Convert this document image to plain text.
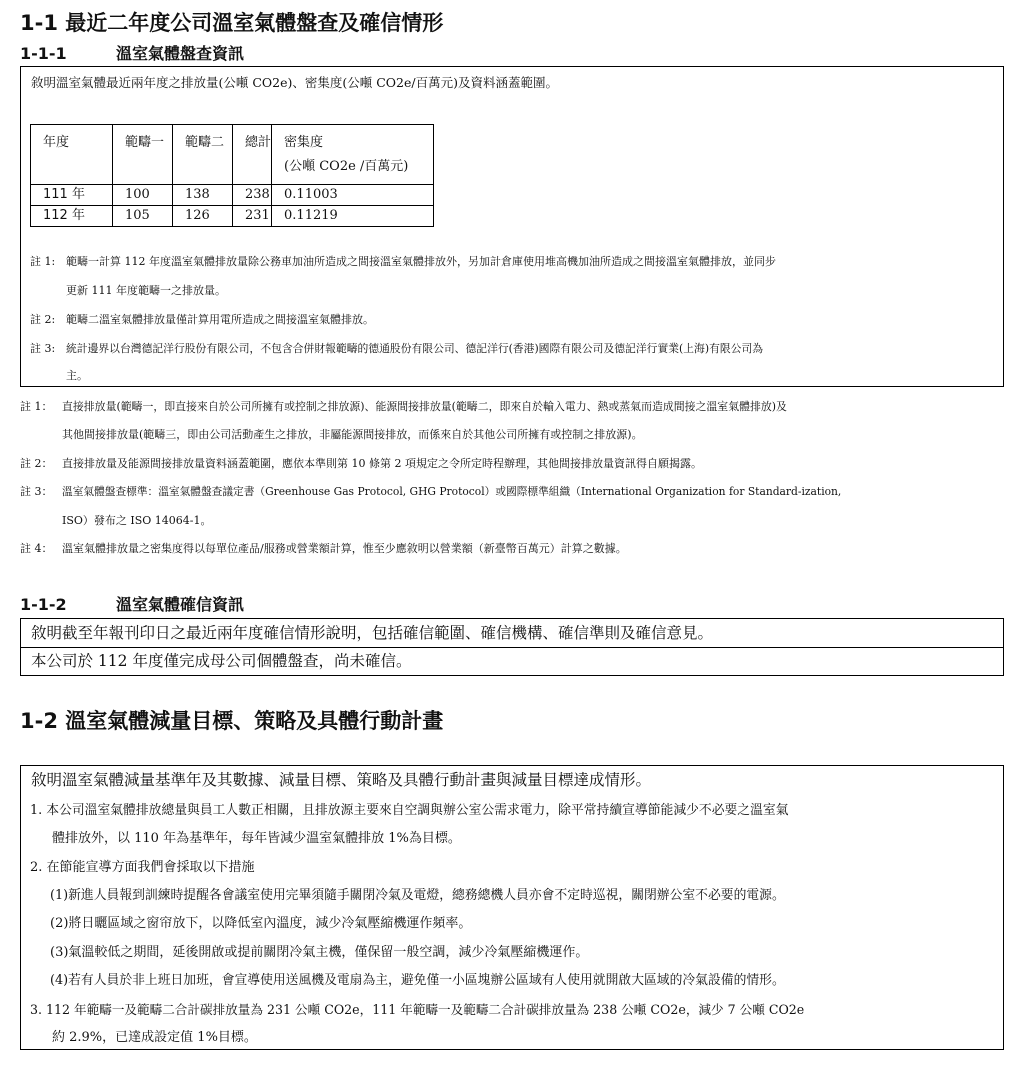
1-1 最近二年度公司溫室氣體盤查及確信情形
1-1-1	溫室氣體盤查資訊
敘明溫室氣體最近兩年度之排放量(公噸 CO2e)、密集度(公噸 CO2e/百萬元)及資料涵蓋範圍。
年度	範疇一	範疇二	總計	密集度
(公噸 CO2e /百萬元)
111 年	100	138	238	0.11003
112 年	105	126	231	0.11219
註 1: 範疇一計算 112 年度溫室氣體排放量除公務車加油所造成之間接溫室氣體排放外，另加計倉庫使用堆高機加油所造成之間接溫室氣體排放，並同步
更新 111 年度範疇一之排放量。
註 2: 範疇二溫室氣體排放量僅計算用電所造成之間接溫室氣體排放。
註 3: 統計邊界以台灣德記洋行股份有限公司，不包含合併財報範疇的德通股份有限公司、德記洋行(香港)國際有限公司及德記洋行實業(上海)有限公司為
主。
註 1： 直接排放量(範疇一，即直接來自於公司所擁有或控制之排放源)、能源間接排放量(範疇二，即來自於輸入電力、熱或蒸氣而造成間接之溫室氣體排放)及
其他間接排放量(範疇三，即由公司活動產生之排放，非屬能源間接排放，而係來自於其他公司所擁有或控制之排放源)。
註 2： 直接排放量及能源間接排放量資料涵蓋範圍，應依本準則第 10 條第 2 項規定之令所定時程辦理，其他間接排放量資訊得自願揭露。
註 3： 溫室氣體盤查標準：溫室氣體盤查議定書（Greenhouse Gas Protocol, GHG Protocol）或國際標準組織（International Organization for Standard-ization,
ISO）發布之 ISO 14064-1。
註 4： 溫室氣體排放量之密集度得以每單位產品/服務或營業額計算，惟至少應敘明以營業額（新臺幣百萬元）計算之數據。
1-1-2	溫室氣體確信資訊
敘明截至年報刊印日之最近兩年度確信情形說明，包括確信範圍、確信機構、確信準則及確信意見。
本公司於 112 年度僅完成母公司個體盤查，尚未確信。
1-2 溫室氣體減量目標、策略及具體行動計畫
敘明溫室氣體減量基準年及其數據、減量目標、策略及具體行動計畫與減量目標達成情形。
1. 本公司溫室氣體排放總量與員工人數正相關，且排放源主要來自空調與辦公室公需求電力，除平常持續宣導節能減少不必要之溫室氣
體排放外，以 110 年為基準年，每年皆減少溫室氣體排放 1%為目標。
2. 在節能宣導方面我們會採取以下措施
(1)新進人員報到訓練時提醒各會議室使用完畢須隨手關閉冷氣及電燈，總務總機人員亦會不定時巡視，關閉辦公室不必要的電源。
(2)將日曬區域之窗帘放下，以降低室內溫度，減少冷氣壓縮機運作頻率。
(3)氣溫較低之期間，延後開啟或提前關閉冷氣主機，僅保留一般空調，減少冷氣壓縮機運作。
(4)若有人員於非上班日加班，會宣導使用送風機及電扇為主，避免僅一小區塊辦公區域有人使用就開啟大區域的冷氣設備的情形。
3. 112 年範疇一及範疇二合計碳排放量為 231 公噸 CO2e，111 年範疇一及範疇二合計碳排放量為 238 公噸 CO2e，減少 7 公噸 CO2e
約 2.9%，已達成設定值 1%目標。
